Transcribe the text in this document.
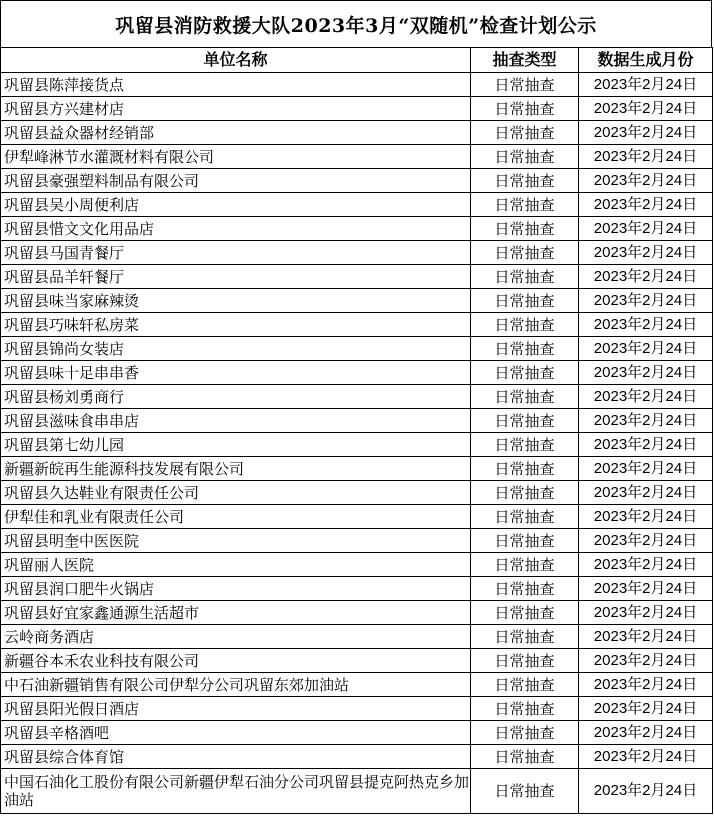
巩留县消防救援大队2023年3月“双随机”检查计划公示
单位名称	抽查类型	数据生成月份
巩留县陈萍接货点	日常抽查	2023年2月24日
巩留县方兴建材店	日常抽查	2023年2月24日
巩留县益众器材经销部	日常抽查	2023年2月24日
伊犁峰淋节水灌溉材料有限公司	日常抽查	2023年2月24日
巩留县豪强塑料制品有限公司	日常抽查	2023年2月24日
巩留县吴小周便利店	日常抽查	2023年2月24日
巩留县惜文文化用品店	日常抽查	2023年2月24日
巩留县马国青餐厅	日常抽查	2023年2月24日
巩留县品羊轩餐厅	日常抽查	2023年2月24日
巩留县味当家麻辣烫	日常抽查	2023年2月24日
巩留县巧味轩私房菜	日常抽查	2023年2月24日
巩留县锦尚女装店	日常抽查	2023年2月24日
巩留县味十足串串香	日常抽查	2023年2月24日
巩留县杨刘勇商行	日常抽查	2023年2月24日
巩留县滋味食串串店	日常抽查	2023年2月24日
巩留县第七幼儿园	日常抽查	2023年2月24日
新疆新皖再生能源科技发展有限公司	日常抽查	2023年2月24日
巩留县久达鞋业有限责任公司	日常抽查	2023年2月24日
伊犁佳和乳业有限责任公司	日常抽查	2023年2月24日
巩留县明奎中医医院	日常抽查	2023年2月24日
巩留丽人医院	日常抽查	2023年2月24日
巩留县润口肥牛火锅店	日常抽查	2023年2月24日
巩留县好宜家鑫通源生活超市	日常抽查	2023年2月24日
云岭商务酒店	日常抽查	2023年2月24日
新疆谷本禾农业科技有限公司	日常抽查	2023年2月24日
中石油新疆销售有限公司伊犁分公司巩留东郊加油站	日常抽查	2023年2月24日
巩留县阳光假日酒店	日常抽查	2023年2月24日
巩留县辛格酒吧	日常抽查	2023年2月24日
巩留县综合体育馆	日常抽查	2023年2月24日
中国石油化工股份有限公司新疆伊犁石油分公司巩留县提克阿热克乡加油站	日常抽查	2023年2月24日
